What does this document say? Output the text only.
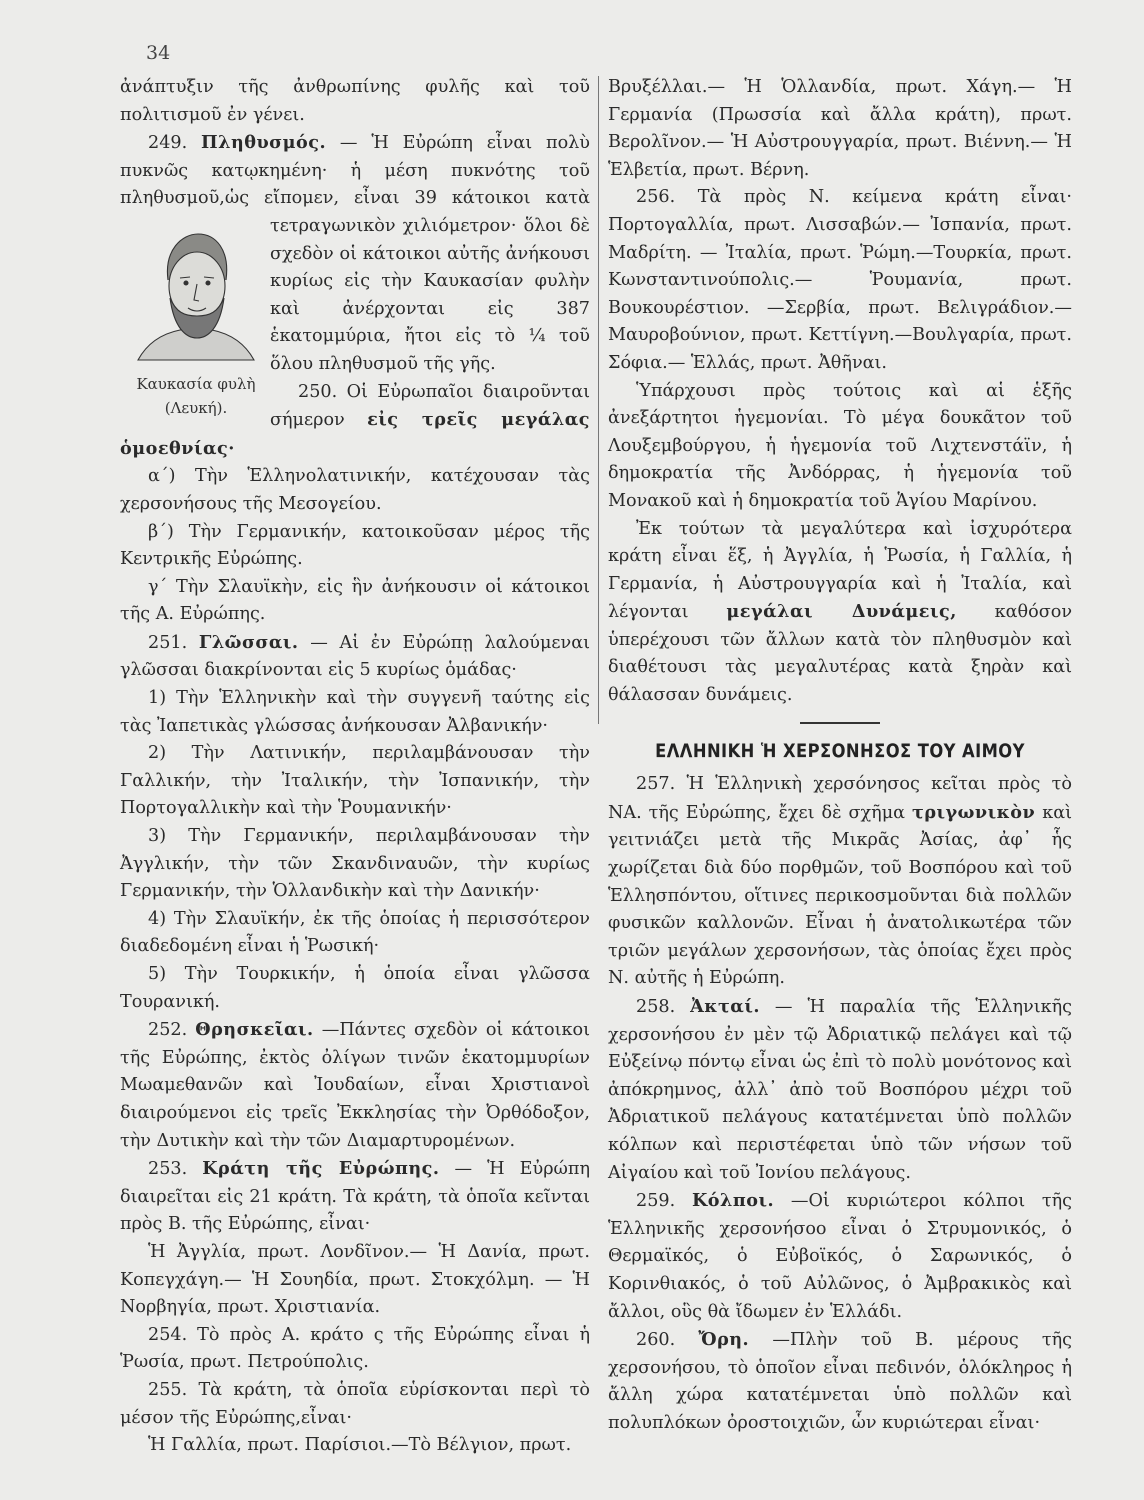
34

ἀνάπτυξιν τῆς ἀνθρωπίνης φυλῆς καὶ τοῦ πολιτισμοῦ ἐν γένει.

249. Πληθυσμός. — Ἡ Εὐρώπη εἶναι πολὺ πυκνῶς κατῳκημένη· ἡ μέση πυκνότης τοῦ πληθυσμοῦ,ὡς εἴπομεν, εἶναι 39 κάτοικοι κατὰ τετραγωνι
κὸν χιλιόμετρον· ὅλοι δὲ σχεδὸν οἱ κάτοικοι αὐτῆς ἀνήκουσι κυρίως εἰς τὴν Καυκασίαν φυλὴν καὶ ἀνέρχονται εἰς 387 ἑκατομμύρια, ἤτοι εἰς τὸ ¼ τοῦ ὅλου πληθυσμοῦ τῆς γῆς.

250. Οἱ Εὐρωπαῖοι διαιροῦνται σήμερον εἰς τρεῖς μεγάλας ὁμοεθνίας·

α΄) Τὴν Ἑλληνολατινικήν, κατέχουσαν τὰς χερσονήσους τῆς Μεσογείου.

β΄) Τὴν Γερμανικήν, κατοικοῦσαν μέρος τῆς Κεντρικῆς Εὐρώπης.

γ΄ Τὴν Σλαυϊκὴν, εἰς ἣν ἀνήκουσιν οἱ κάτοικοι τῆς Α. Εὐρώπης.

251. Γλῶσσαι. — Αἱ ἐν Εὐρώπῃ λαλούμεναι γλῶσσαι διακρίνονται εἰς 5 κυρίως ὁμάδας·

1) Τὴν Ἑλληνικὴν καὶ τὴν συγγενῆ ταύτης εἰς τὰς Ἰαπετικὰς γλώσσας ἀνήκουσαν Ἀλβανικήν·

2) Τὴν Λατινικήν, περιλαμβάνουσαν τὴν Γαλλικήν, τὴν Ἰταλικήν, τὴν Ἰσπανικήν, τὴν Πορτογαλλικὴν καὶ τὴν Ῥουμανικήν·

3) Τὴν Γερμανικήν, περιλαμβάνουσαν τὴν Ἀγγλικήν, τὴν τῶν Σκανδιναυῶν, τὴν κυρίως Γερμανικήν, τὴν Ὁλλανδικὴν καὶ τὴν Δανικήν·

4) Τὴν Σλαυϊκήν, ἐκ τῆς ὁποίας ἡ περισσότερον διαδεδομένη εἶναι ἡ Ῥωσική·

5) Τὴν Τουρκικήν, ἡ ὁποία εἶναι γλῶσσα Τουρανική.

252. Θρησκεῖαι. —Πάντες σχεδὸν οἱ κάτοικοι τῆς Εὐρώπης, ἐκτὸς ὀλίγων τινῶν ἑκατομμυρίων Μωαμεθανῶν καὶ Ἰουδαίων, εἶναι Χριστιανοὶ διαιρούμενοι εἰς τρεῖς Ἐκκλησίας τὴν Ὀρθόδοξον, τὴν Δυτικὴν καὶ τὴν τῶν Διαμαρτυρομένων.

253. Κράτη τῆς Εὐρώπης. — Ἡ Εὐρώπη διαιρεῖται εἰς 21 κράτη. Τὰ κράτη, τὰ ὁποῖα κεῖνται πρὸς Β. τῆς Εὐρώπης, εἶναι·

Ἡ Ἀγγλία, πρωτ. Λονδῖνον.— Ἡ Δανία, πρωτ. Κοπεγχάγη.— Ἡ Σουηδία, πρωτ. Στοκχόλμη. — Ἡ Νορβηγία, πρωτ. Χριστιανία.

254. Τὸ πρὸς Α. κράτο ς τῆς Εὐρώπης εἶναι ἡ Ῥωσία, πρωτ. Πετρούπολις.

255. Τὰ κράτη, τὰ ὁποῖα εὑρίσκονται περὶ τὸ μέσον τῆς Εὐρώπης,εἶναι·

Ἡ Γαλλία, πρωτ. Παρίσιοι.—Τὸ Βέλγιον, πρωτ.

Βρυξέλλαι.— Ἡ Ὁλλανδία, πρωτ. Χάγη.— Ἡ Γερμανία (Πρωσσία καὶ ἄλλα κράτη), πρωτ. Βερολῖνον.— Ἡ Αὐστρουγγαρία, πρωτ. Βιέννη.— Ἡ Ἑλβετία, πρωτ. Βέρνη.

256. Τὰ πρὸς Ν. κείμενα κράτη εἶναι· Πορτογαλλία, πρωτ. Λισσαβών.— Ἰσπανία, πρωτ. Μαδρίτη. — Ἰταλία, πρωτ. Ῥώμη.—Τουρκία, πρωτ. Κωνσταντινούπολις.— Ῥουμανία, πρωτ. Βουκουρέστιον. —Σερβία, πρωτ. Βελιγράδιον.— Μαυροβούνιον, πρωτ. Κεττίγνη.—Βουλγαρία, πρωτ. Σόφια.— Ἑλλάς, πρωτ. Ἀθῆναι.

Ὑπάρχουσι πρὸς τούτοις καὶ αἱ ἑξῆς ἀνεξάρτητοι ἡγεμονίαι. Τὸ μέγα δουκᾶτον τοῦ Λουξεμβούργου, ἡ ἡγεμονία τοῦ Λιχτενστάϊν, ἡ δημοκρατία τῆς Ἀνδόρρας, ἡ ἡγεμονία τοῦ Μονακοῦ καὶ ἡ δημοκρατία τοῦ Ἁγίου Μαρίνου.

Ἐκ τούτων τὰ μεγαλύτερα καὶ ἰσχυρότερα κράτη εἶναι ἕξ, ἡ Ἀγγλία, ἡ Ῥωσία, ἡ Γαλλία, ἡ Γερμανία, ἡ Αὐστρουγγαρία καὶ ἡ Ἰταλία, καὶ λέγονται μεγάλαι Δυνάμεις, καθόσον ὑπερέχουσι τῶν ἄλλων κατὰ τὸν πληθυσμὸν καὶ διαθέτουσι τὰς μεγαλυτέρας κατὰ ξηρὰν καὶ θάλασσαν δυνάμεις.

ΕΛΛΗΝΙΚΗ Ἡ ΧΕΡΣΟΝΗΣΟΣ ΤΟΥ ΑΙΜΟΥ

257. Ἡ Ἑλληνικὴ χερσόνησος κεῖται πρὸς τὸ ΝΑ. τῆς Εὐρώπης, ἔχει δὲ σχῆμα τριγωνικὸν καὶ γειτνιάζει μετὰ τῆς Μικρᾶς Ἀσίας, ἀφ᾽ ἧς χωρίζεται διὰ δύο πορθμῶν, τοῦ Βοσπόρου καὶ τοῦ Ἑλλησπόντου, οἵτινες περικοσμοῦνται διὰ πολλῶν φυσικῶν καλλονῶν. Εἶναι ἡ ἀνατολικωτέρα τῶν τριῶν μεγάλων χερσονήσων, τὰς ὁποίας ἔχει πρὸς Ν. αὐτῆς ἡ Εὐρώπη.

258. Ἀκταί. — Ἡ παραλία τῆς Ἑλληνικῆς χερσονήσου ἐν μὲν τῷ Ἀδριατικῷ πελάγει καὶ τῷ Εὐξείνῳ πόντῳ εἶναι ὡς ἐπὶ τὸ πολὺ μονότονος καὶ ἀπόκρημνος, ἀλλ᾽ ἀπὸ τοῦ Βοσπόρου μέχρι τοῦ Ἀδριατικοῦ πελάγους κατατέμνεται ὑπὸ πολλῶν κόλπων καὶ περιστέφεται ὑπὸ τῶν νήσων τοῦ Αἰγαίου καὶ τοῦ Ἰονίου πελάγους.

259. Κόλποι. —Οἱ κυριώτεροι κόλποι τῆς Ἑλληνικῆς χερσονήσοο εἶναι ὁ Στρυμονικός, ὁ Θερμαϊκός, ὁ Εὐβοϊκός, ὁ Σαρωνικός, ὁ Κορινθιακός, ὁ τοῦ Αὐλῶνος, ὁ Ἀμβρακικὸς καὶ ἄλλοι, οὓς θὰ ἴδωμεν ἐν Ἑλλάδι.

260. Ὄρη. —Πλὴν τοῦ Β. μέρους τῆς χερσονήσου, τὸ ὁποῖον εἶναι πεδινόν, ὁλόκληρος ἡ ἄλλη χώρα κατατέμνεται ὑπὸ πολλῶν καὶ πολυπλόκων ὀροστοιχιῶν, ὧν κυριώτεραι εἶναι·

Καυκασία φυλὴ
(Λευκή).
